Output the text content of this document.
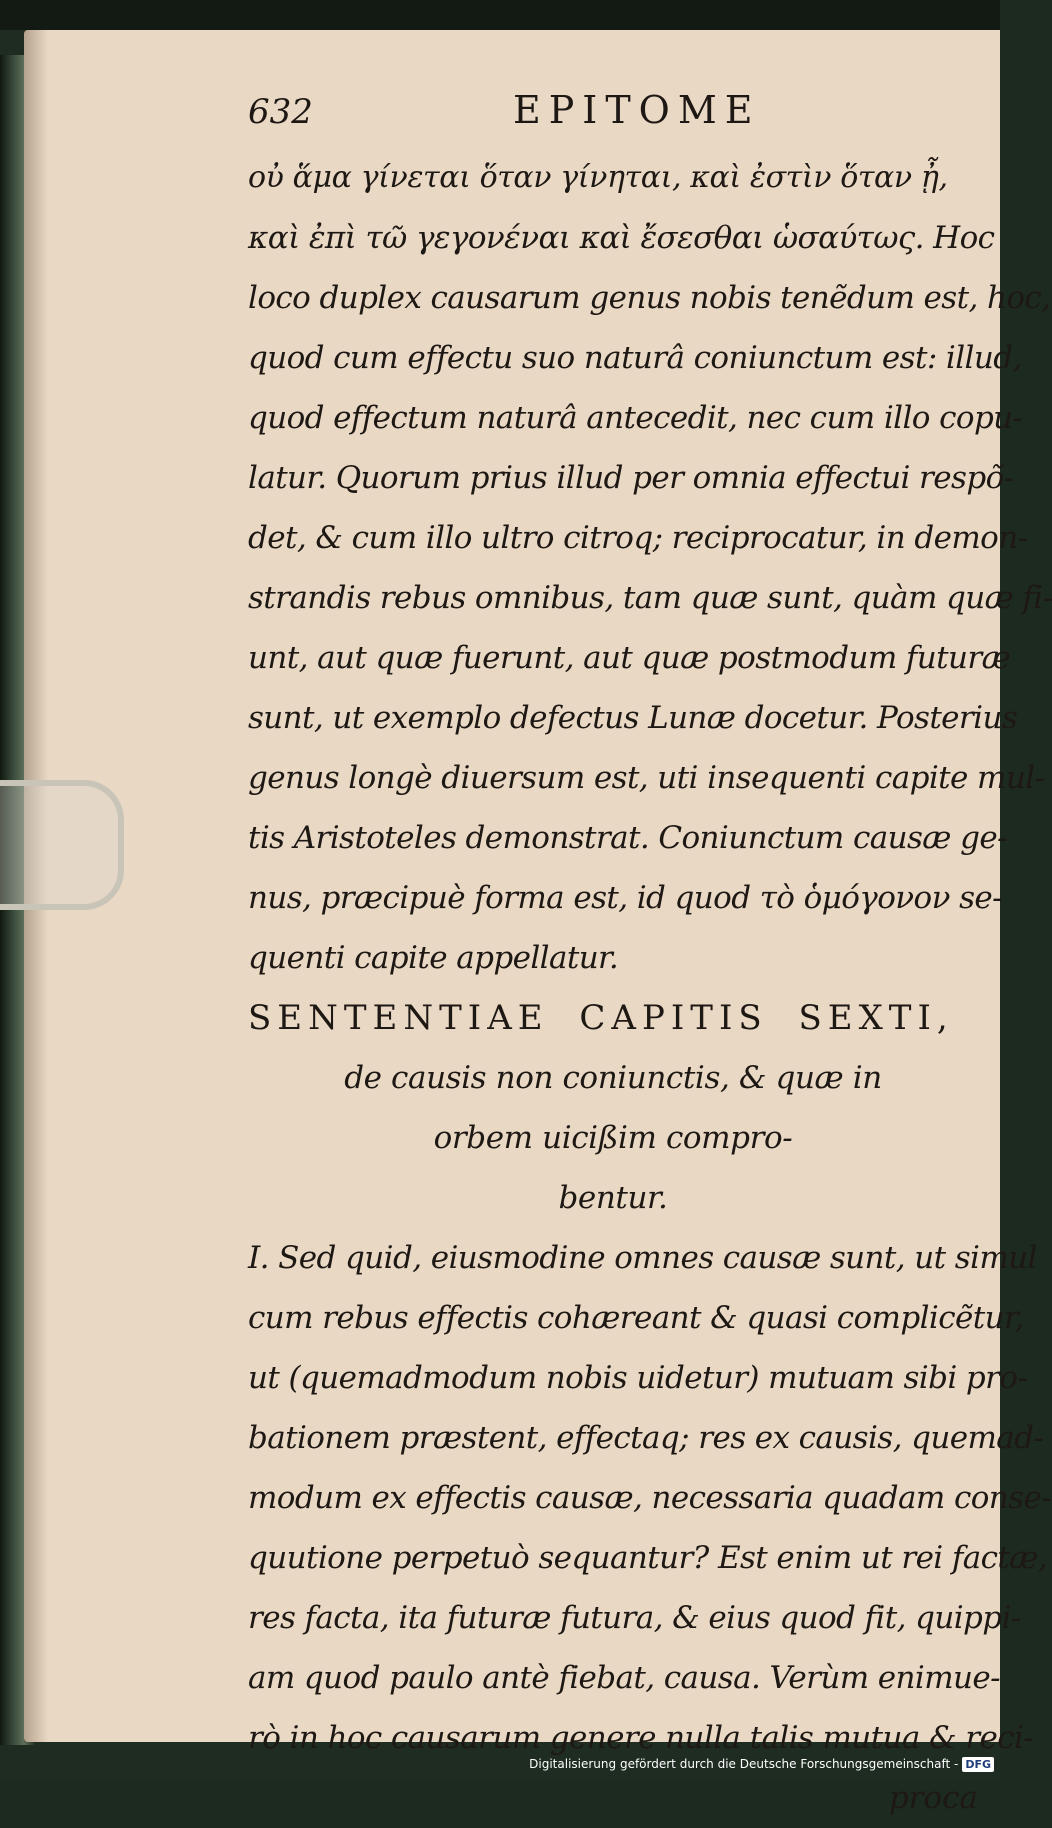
632	EPITOME
οὐ ἅμα γίνεται ὅταν γίνηται, καὶ ἐστὶν ὅταν ᾖ,
καὶ ἐπὶ τῶ γεγονέναι καὶ ἔσεσθαι ὡσαύτως. Hoc
loco duplex causarum genus nobis tenẽdum est, hoc,
quod cum effectu suo naturâ coniunctum est: illud,
quod effectum naturâ antecedit, nec cum illo copu-
latur. Quorum prius illud per omnia effectui respõ-
det, & cum illo ultro citroq; reciprocatur, in demon-
strandis rebus omnibus, tam quæ sunt, quàm quæ fi-
unt, aut quæ fuerunt, aut quæ postmodum futuræ
sunt, ut exemplo defectus Lunæ docetur. Posterius
genus longè diuersum est, uti insequenti capite mul-
tis Aristoteles demonstrat. Coniunctum causæ ge-
nus, præcipuè forma est, id quod τὸ ὁμόγονον se-
quenti capite appellatur.
SENTENTIAE CAPITIS SEXTI,
de causis non coniunctis, & quæ in
orbem uicißim compro-
bentur.
I. Sed quid, eiusmodine omnes causæ sunt, ut simul
cum rebus effectis cohæreant & quasi complicẽtur,
ut (quemadmodum nobis uidetur) mutuam sibi pro-
bationem præstent, effectaq; res ex causis, quemad-
modum ex effectis causæ, necessaria quadam conse-
quutione perpetuò sequantur? Est enim ut rei factæ,
res facta, ita futuræ futura, & eius quod fit, quippi-
am quod paulo antè fiebat, causa. Verùm enimue-
rò in hoc causarum genere nulla talis mutua & reci-
proca
Digitalisierung gefördert durch die Deutsche Forschungsgemeinschaft - DFG
